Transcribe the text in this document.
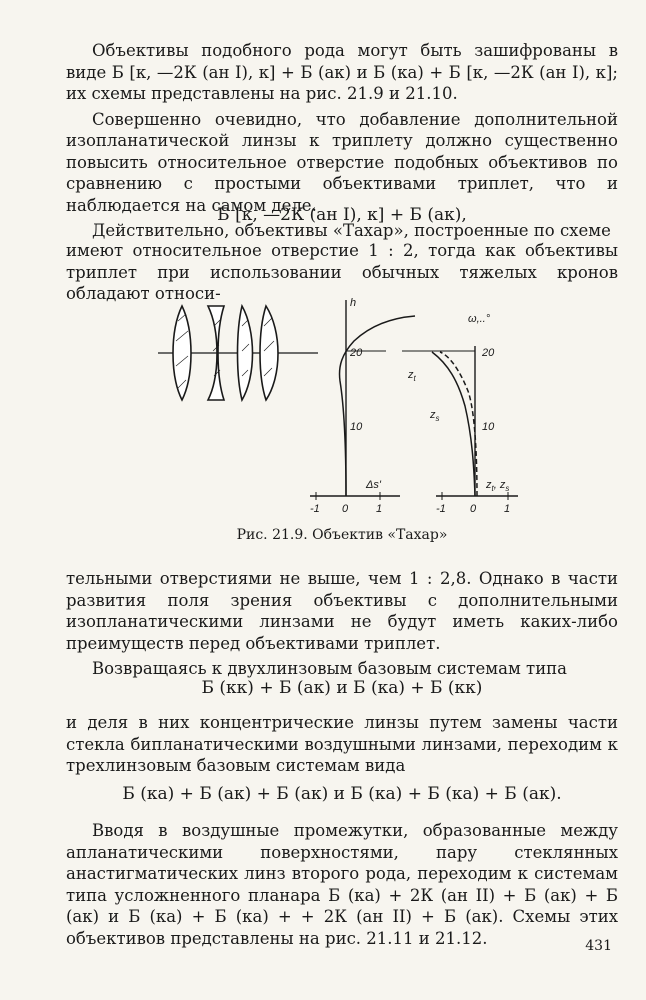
Объективы подобного рода могут быть зашифрованы в виде Б [к, —2К (ан I), к] + Б (ак) и Б (ка) + Б [к, —2К (ан I), к]; их схемы представлены на рис. 21.9 и 21.10.

Совершенно очевидно, что добавление дополнительной изопланатической линзы к триплету должно существенно повысить относительное отверстие подобных объективов по сравнению с простыми объективами триплет, что и наблюдается на самом деле.

Действительно, объективы «Тахар», построенные по схеме

Б [к, —2К (ан I), к] + Б (ак),

имеют относительное отверстие 1 : 2, тогда как объективы триплет при использовании обычных тяжелых кронов обладают относи-	h
20
10
Δs'
-1 0	1
ω,..°
20
10
$z_t$
$z_s$
$z_t$, $z_s$
-1 0	1
Рис. 21.9. Объектив «Тахар»

тельными отверстиями не выше, чем 1 : 2,8. Однако в части развития поля зрения объективы с дополнительными изопланатическими линзами не будут иметь каких-либо преимуществ перед объективами триплет.

Возвращаясь к двухлинзовым базовым системам типа

Б (кк) + Б (ак) и Б (ка) + Б (кк)

и деля в них концентрические линзы путем замены части стекла бипланатическими воздушными линзами, переходим к трехлинзовым базовым системам вида

Б (ка) + Б (ак) + Б (ак) и Б (ка) + Б (ка) + Б (ак).

Вводя в воздушные промежутки, образованные между апланатическими поверхностями, пару стеклянных анастигматических линз второго рода, переходим к системам типа усложненного планара Б (ка) + 2К (ан II) + Б (ак) + Б (ак) и Б (ка) + Б (ка) + + 2К (ан II) + Б (ак). Схемы этих объективов представлены на рис. 21.11 и 21.12.	431
